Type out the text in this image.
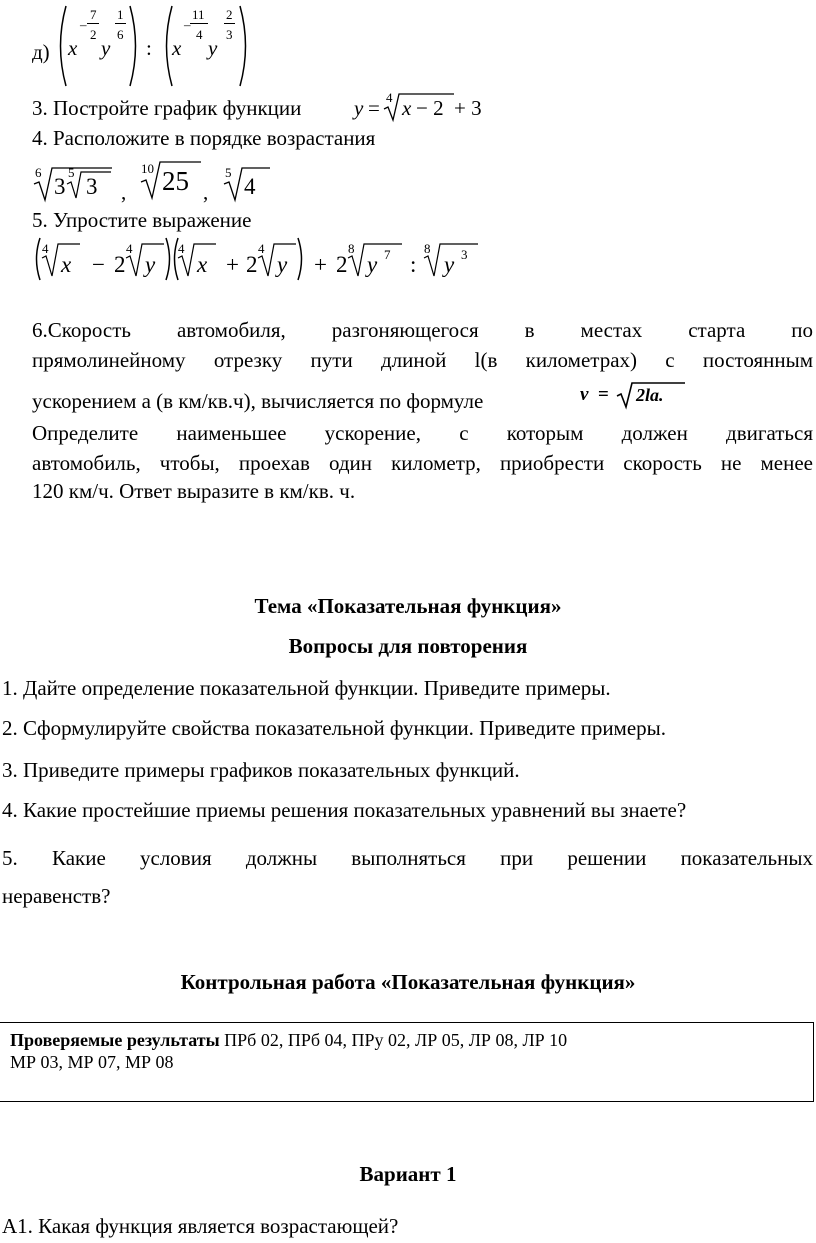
д) x
–
7
2
y
1
6
: x
–
11
4
y
2
3
3. Постройте график функции	y = 4 x − 2 + 3
4. Расположите в порядке возрастания
6
3
5
3 ,
10 25 ,
5
4
5. Упростите выражение
4
x − 2
4
y
4
x + 2
4
y + 2
8
y 7 :
8
y 3
6.Скорость автомобиля, разгоняющегося в местах старта по
прямолинейному отрезку пути длиной l(в километрах) с постоянным
ускорением a (в км/кв.ч), вычисляется по формуле	v = 2la.
Определите наименьшее ускорение, с которым должен двигаться
автомобиль, чтобы, проехав один километр, приобрести скорость не менее
120 км/ч. Ответ выразите в км/кв. ч.
Тема «Показательная функция»
Вопросы для повторения
1. Дайте определение показательной функции. Приведите примеры.
2. Сформулируйте свойства показательной функции. Приведите примеры.
3. Приведите примеры графиков показательных функций.
4. Какие простейшие приемы решения показательных уравнений вы знаете?
5. Какие условия должны выполняться при решении показательных
неравенств?
Контрольная работа «Показательная функция»
Проверяемые результаты ПРб 02, ПРб 04, ПРу 02, ЛР 05, ЛР 08, ЛР 10
МР 03, МР 07, МР 08
Вариант 1
А1. Какая функция является возрастающей?
